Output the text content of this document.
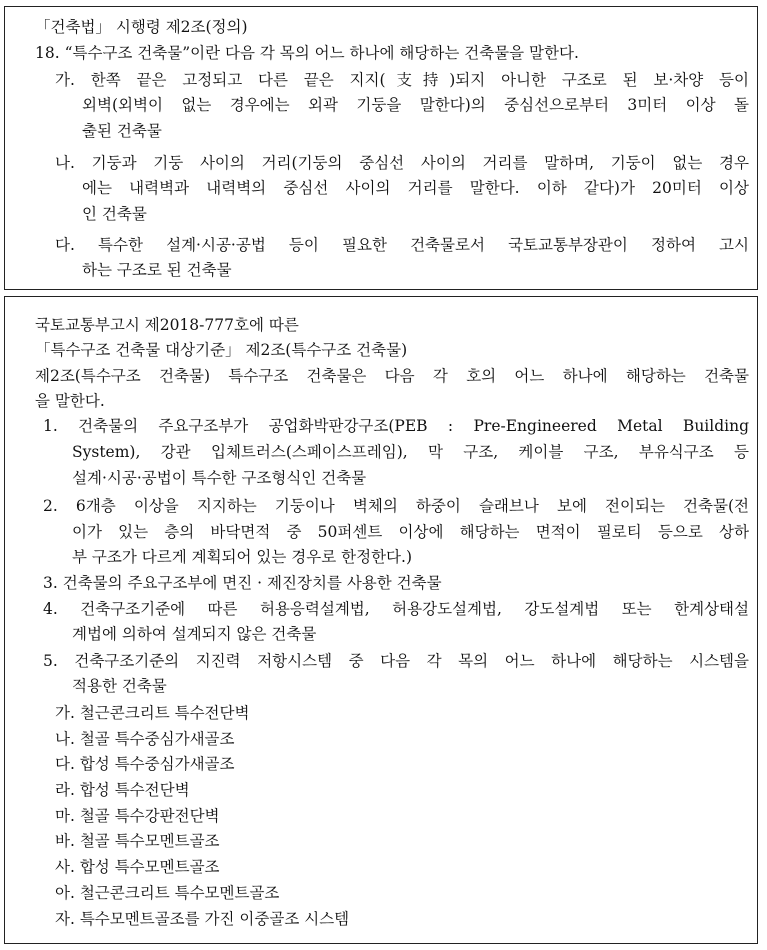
「건축법」 시행령 제2조(정의)
18. “특수구조 건축물”이란 다음 각 목의 어느 하나에 해당하는 건축물을 말한다.
가. 한쪽 끝은 고정되고 다른 끝은 지지(支持)되지 아니한 구조로 된 보·차양 등이
외벽(외벽이 없는 경우에는 외곽 기둥을 말한다)의 중심선으로부터 3미터 이상 돌
출된 건축물
나. 기둥과 기둥 사이의 거리(기둥의 중심선 사이의 거리를 말하며, 기둥이 없는 경우
에는 내력벽과 내력벽의 중심선 사이의 거리를 말한다. 이하 같다)가 20미터 이상
인 건축물
다. 특수한 설계·시공·공법 등이 필요한 건축물로서 국토교통부장관이 정하여 고시
하는 구조로 된 건축물
국토교통부고시 제2018-777호에 따른
「특수구조 건축물 대상기준」 제2조(특수구조 건축물)
제2조(특수구조 건축물) 특수구조 건축물은 다음 각 호의 어느 하나에 해당하는 건축물
을 말한다.
1. 건축물의 주요구조부가 공업화박판강구조(PEB : Pre-Engineered Metal Building
System), 강관 입체트러스(스페이스프레임), 막 구조, 케이블 구조, 부유식구조 등
설계·시공·공법이 특수한 구조형식인 건축물
2. 6개층 이상을 지지하는 기둥이나 벽체의 하중이 슬래브나 보에 전이되는 건축물(전
이가 있는 층의 바닥면적 중 50퍼센트 이상에 해당하는 면적이 필로티 등으로 상하
부 구조가 다르게 계획되어 있는 경우로 한정한다.)
3. 건축물의 주요구조부에 면진 · 제진장치를 사용한 건축물
4. 건축구조기준에 따른 허용응력설계법, 허용강도설계법, 강도설계법 또는 한계상태설
계법에 의하여 설계되지 않은 건축물
5. 건축구조기준의 지진력 저항시스템 중 다음 각 목의 어느 하나에 해당하는 시스템을
적용한 건축물
가. 철근콘크리트 특수전단벽
나. 철골 특수중심가새골조
다. 합성 특수중심가새골조
라. 합성 특수전단벽
마. 철골 특수강판전단벽
바. 철골 특수모멘트골조
사. 합성 특수모멘트골조
아. 철근콘크리트 특수모멘트골조
자. 특수모멘트골조를 가진 이중골조 시스템
